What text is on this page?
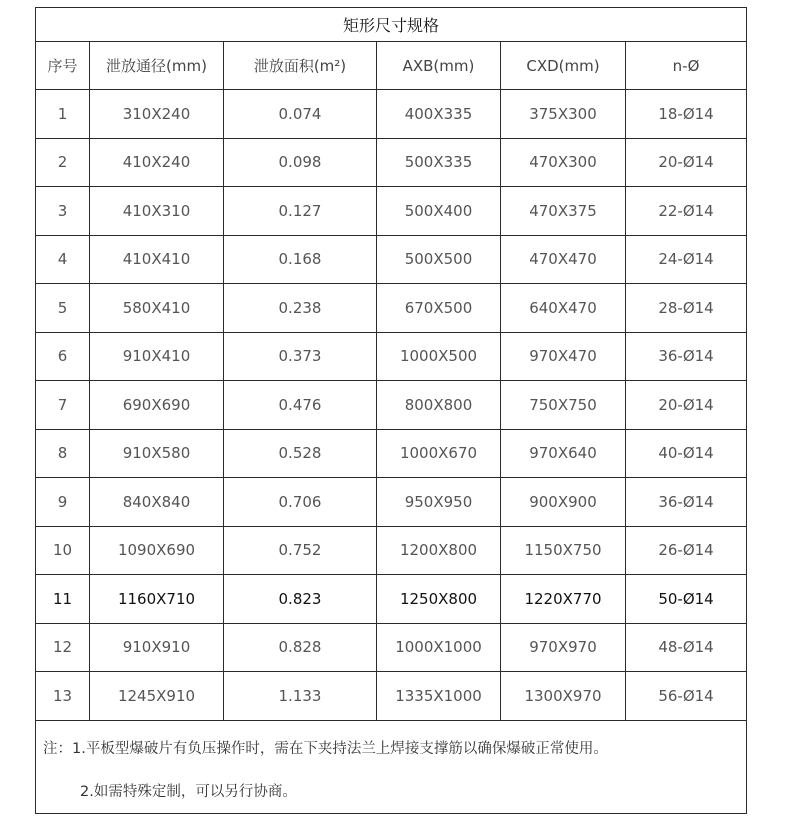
矩形尺寸规格					
序号	泄放通径(mm)	泄放面积(m²)	AXB(mm)	CXD(mm)	n-Ø
1	310X240	0.074	400X335	375X300	18-Ø14
2	410X240	0.098	500X335	470X300	20-Ø14
3	410X310	0.127	500X400	470X375	22-Ø14
4	410X410	0.168	500X500	470X470	24-Ø14
5	580X410	0.238	670X500	640X470	28-Ø14
6	910X410	0.373	1000X500	970X470	36-Ø14
7	690X690	0.476	800X800	750X750	20-Ø14
8	910X580	0.528	1000X670	970X640	40-Ø14
9	840X840	0.706	950X950	900X900	36-Ø14
10	1090X690	0.752	1200X800	1150X750	26-Ø14
11	1160X710	0.823	1250X800	1220X770	50-Ø14
12	910X910	0.828	1000X1000	970X970	48-Ø14
13	1245X910	1.133	1335X1000	1300X970	56-Ø14

注：1.平板型爆破片有负压操作时，需在下夹持法兰上焊接支撑筋以确保爆破正常使用。
2.如需特殊定制，可以另行协商。					
